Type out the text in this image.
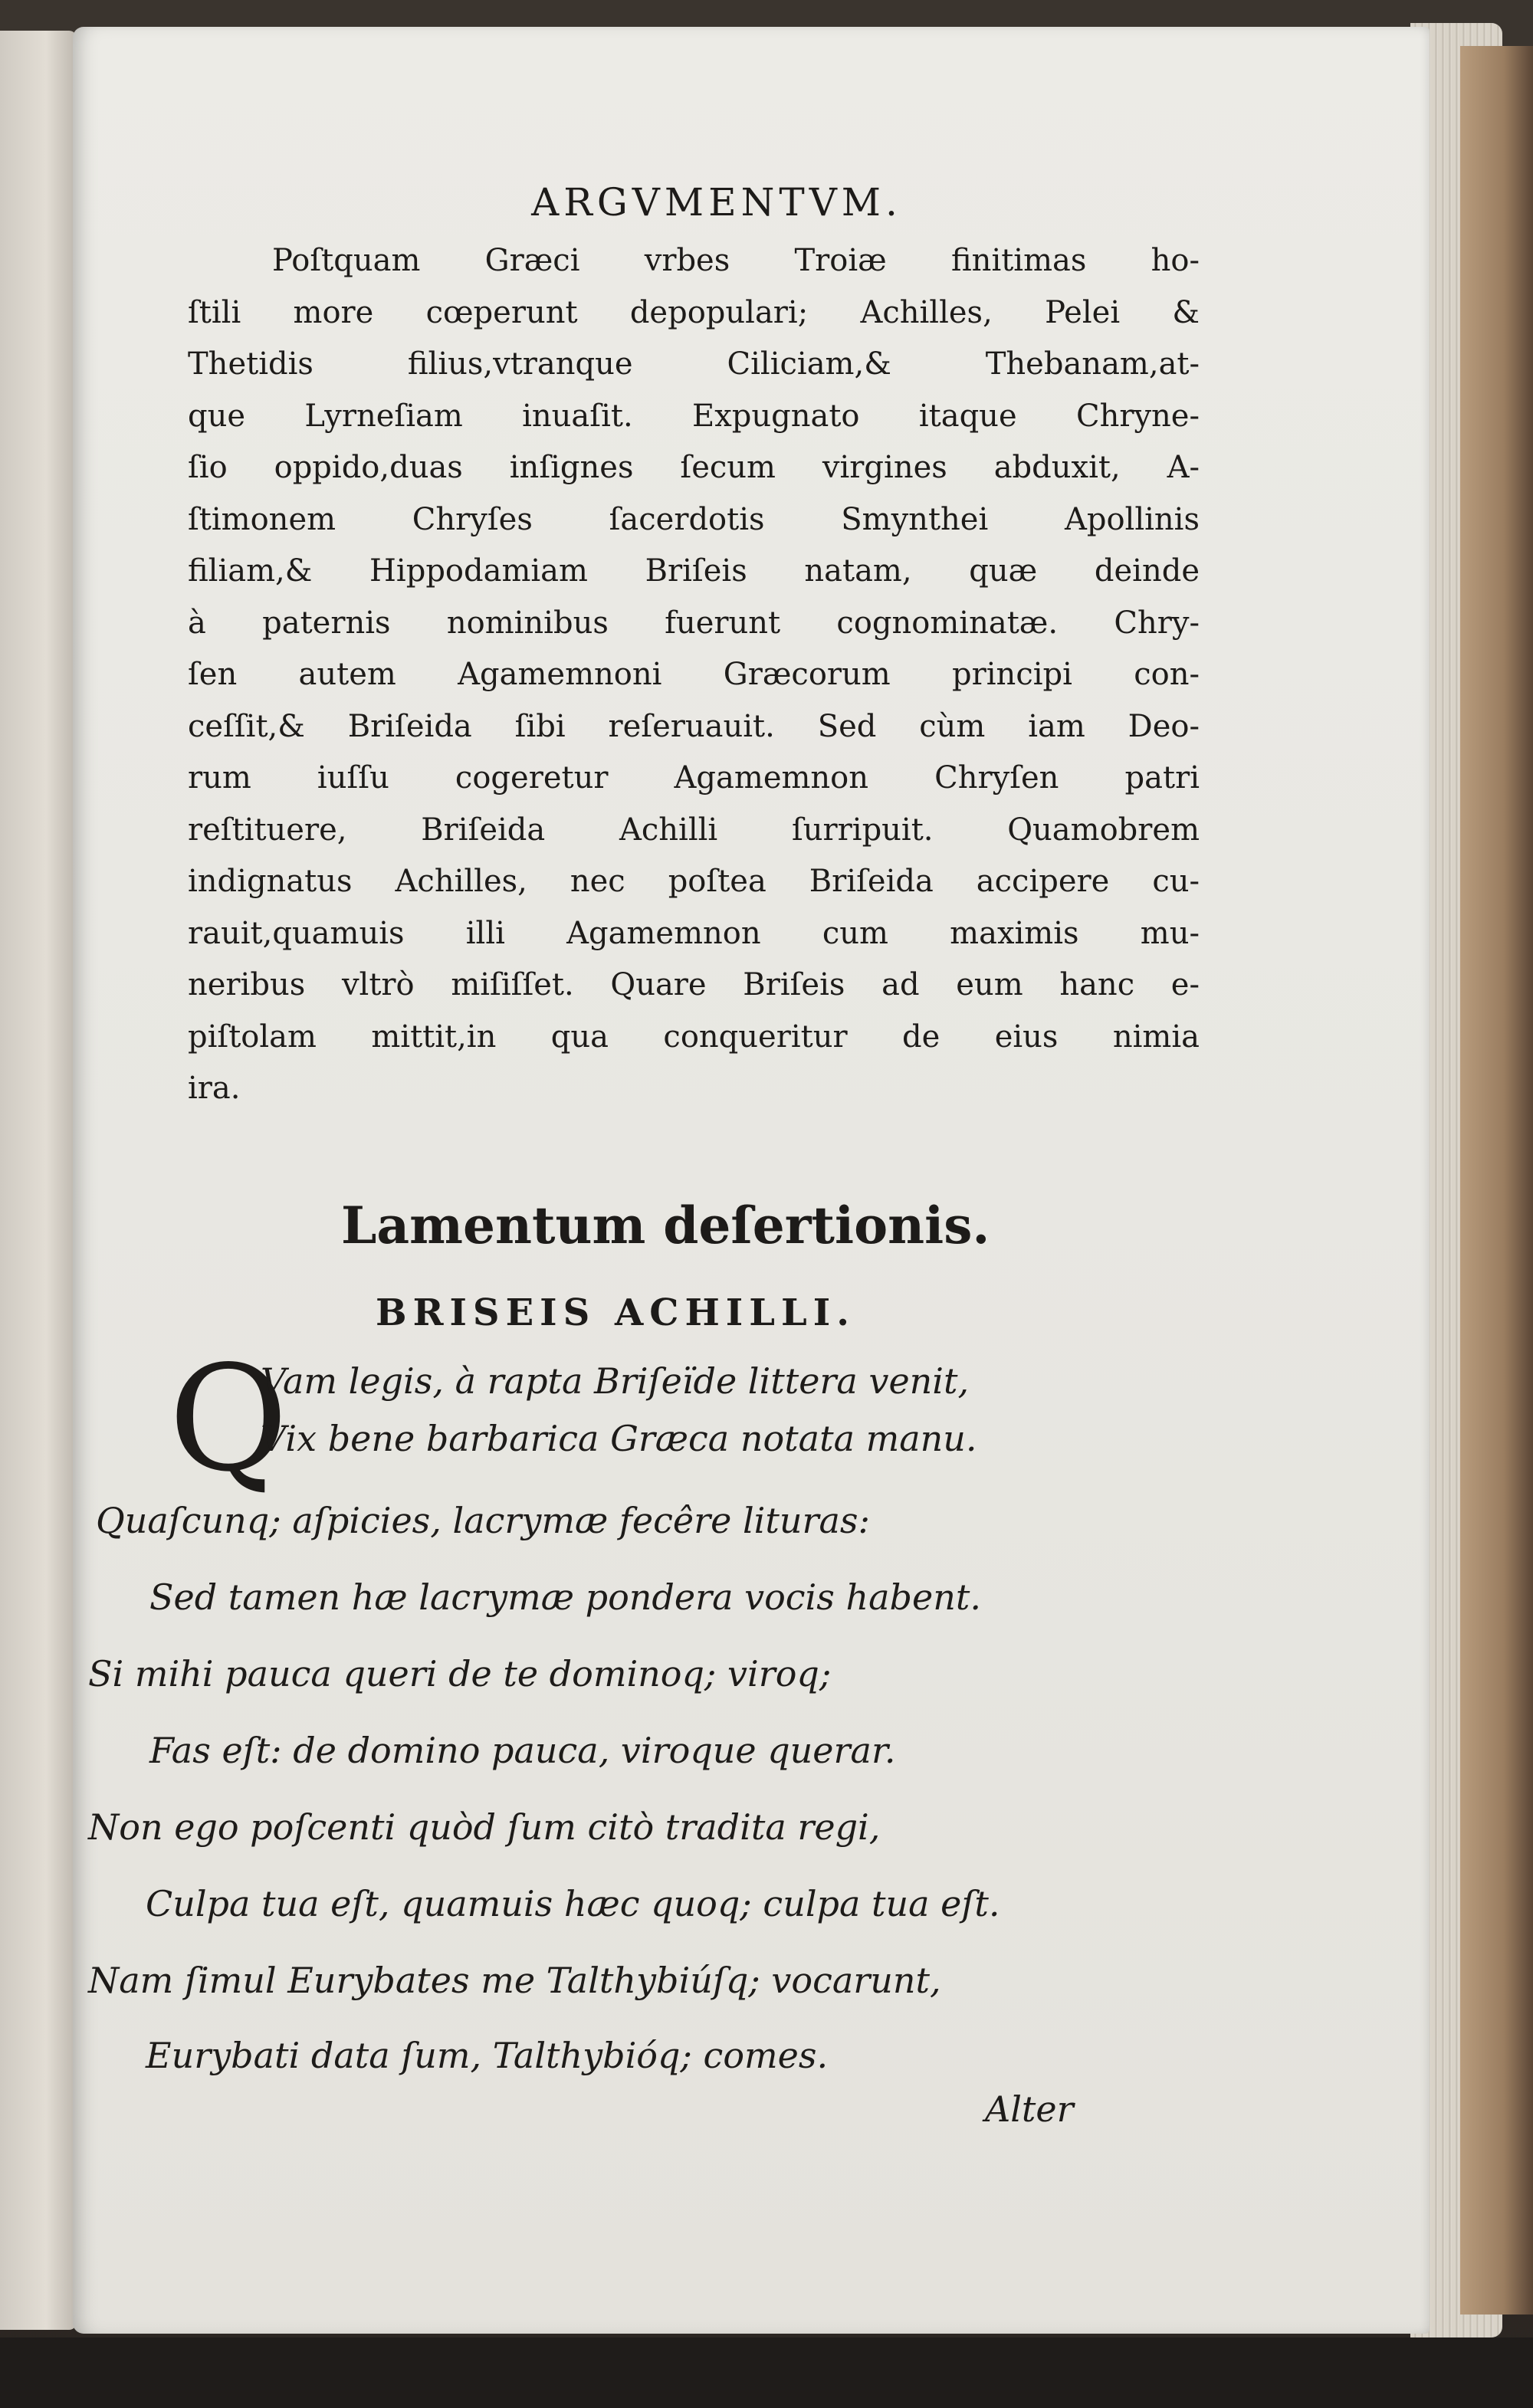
ARGVMENTVM.
Poſtquam Græci vrbes Troiæ finitimas ho-
ſtili more cœperunt depopulari; Achilles, Pelei &
Thetidis filius,vtranque Ciliciam,& Thebanam,at-
que Lyrneſiam inuaſit. Expugnato itaque Chryne-
ſio oppido,duas inſignes ſecum virgines abduxit, A-
ſtimonem Chryſes ſacerdotis Smynthei Apollinis
filiam,& Hippodamiam Briſeis natam, quæ deinde
à paternis nominibus fuerunt cognominatæ. Chry-
ſen autem Agamemnoni Græcorum principi con-
ceſſit,& Briſeida ſibi reſeruauit. Sed cùm iam Deo-
rum iuſſu cogeretur Agamemnon Chryſen patri
reſtituere, Briſeida Achilli ſurripuit. Quamobrem
indignatus Achilles, nec poſtea Briſeida accipere cu-
rauit,quamuis illi Agamemnon cum maximis mu-
neribus vltrò miſiſſet. Quare Briſeis ad eum hanc e-
piſtolam mittit,in qua conqueritur de eius nimia
ira.
Lamentum deſertionis.
BRISEIS ACHILLI.
Q
Vam legis, à rapta Briſeïde littera venit,
Vix bene barbarica Græca notata manu.
Quaſcunq; aſpicies, lacrymæ fecêre lituras:
Sed tamen hæ lacrymæ pondera vocis habent.
Si mihi pauca queri de te dominoq; viroq;
Fas eſt: de domino pauca, viroque querar.
Non ego poſcenti quòd ſum citò tradita regi,
Culpa tua eſt, quamuis hæc quoq; culpa tua eſt.
Nam ſimul Eurybates me Talthybiúſq; vocarunt,
Eurybati data ſum, Talthybióq; comes.

Alter
